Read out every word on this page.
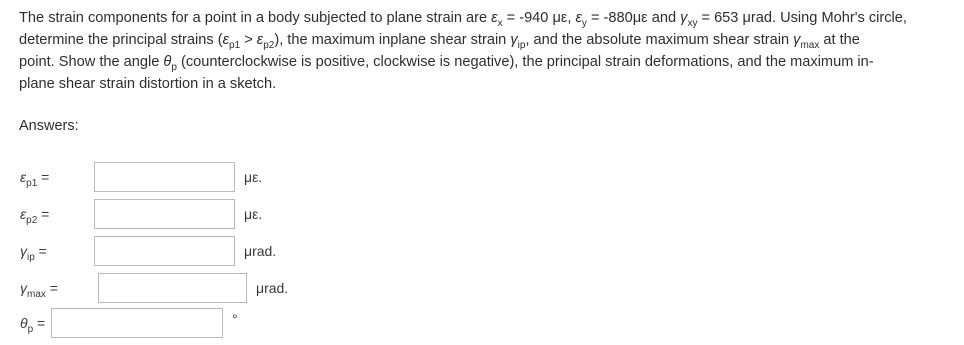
The strain components for a point in a body subjected to plane strain are $\varepsilon_x = -940$ με, $\varepsilon_y = -880\mu\varepsilon$ and $\gamma_{xy} = 653$ μrad. Using Mohr's circle,
determine the principal strains $(\varepsilon_{p1} > \varepsilon_{p2})$, the maximum inplane shear strain $\gamma_{ip}$, and the absolute maximum shear strain $\gamma_{max}$ at the
point. Show the angle $\theta_p$ (counterclockwise is positive, clockwise is negative), the principal strain deformations, and the maximum in-
plane shear strain distortion in a sketch.
Answers:
$\varepsilon_{p1}$ =	με.
$\varepsilon_{p2}$ =	με.
$\gamma_{ip}$ =	μrad.
$\gamma_{max}$ =	μrad.
$\theta_p$ =	°
